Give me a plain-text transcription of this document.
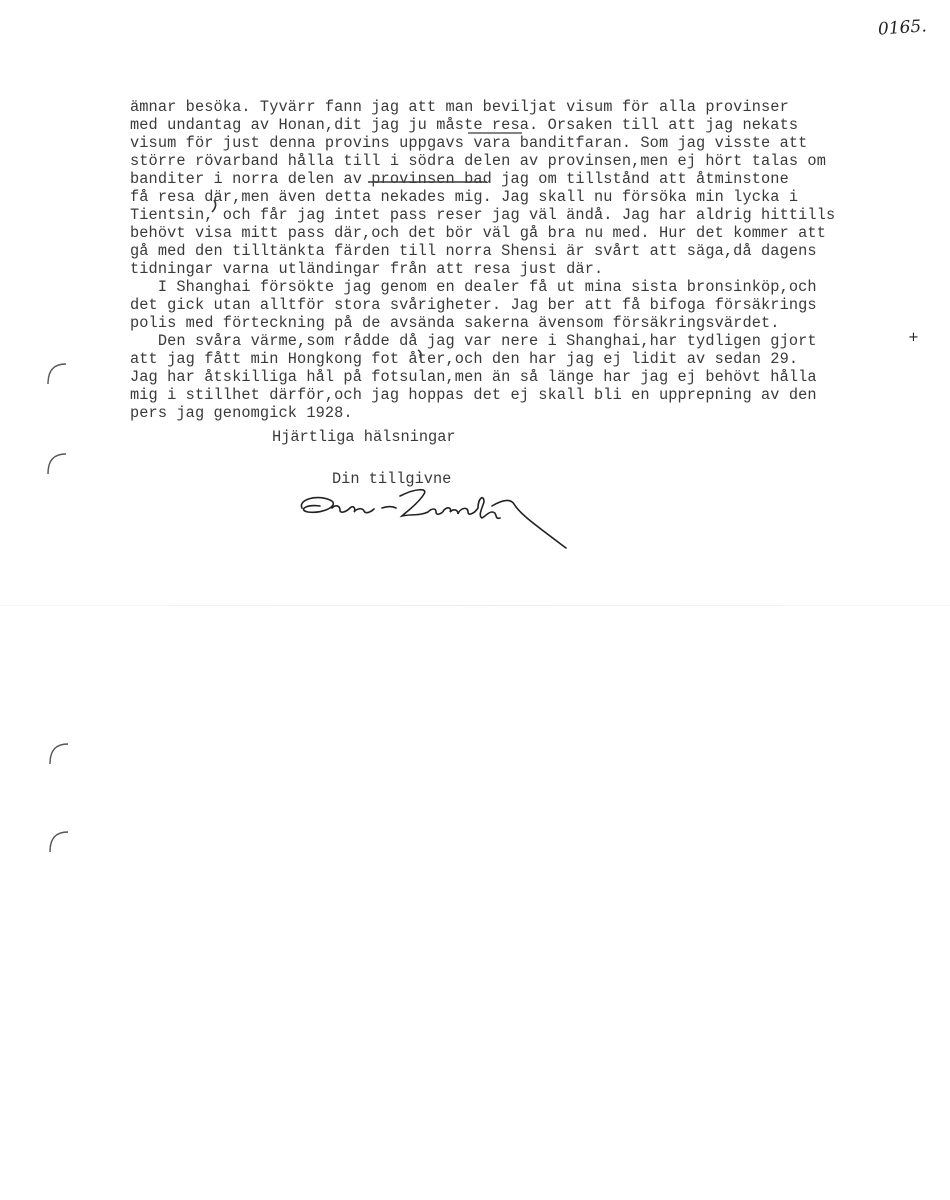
0165.

ämnar besöka. Tyvärr fann jag att man beviljat visum för alla provinser

med undantag av Honan,dit jag ju måste resa. Orsaken till att jag nekats

visum för just denna provins uppgavs vara banditfaran. Som jag visste att

större rövarband hålla till i södra delen av provinsen,men ej hört talas om

banditer i norra delen av provinsen bad jag om tillstånd att åtminstone

få resa där,men även detta nekades mig. Jag skall nu försöka min lycka i

Tientsin, och får jag intet pass reser jag väl ändå. Jag har aldrig hittills

behövt visa mitt pass där,och det bör väl gå bra nu med. Hur det kommer att

gå med den tilltänkta färden till norra Shensi är svårt att säga,då dagens

tidningar varna utländingar från att resa just där.

I Shanghai försökte jag genom en dealer få ut mina sista bronsinköp,och

det gick utan alltför stora svårigheter. Jag ber att få bifoga försäkrings

polis med förteckning på de avsända sakerna ävensom försäkringsvärdet.

Den svåra värme,som rådde då jag var nere i Shanghai,har tydligen gjort

att jag fått min Hongkong fot åter,och den har jag ej lidit av sedan 29.

Jag har åtskilliga hål på fotsulan,men än så länge har jag ej behövt hålla

mig i stillhet därför,och jag hoppas det ej skall bli en upprepning av den

pers jag genomgick 1928.

+
Hjärtliga hälsningar
Din tillgivne
